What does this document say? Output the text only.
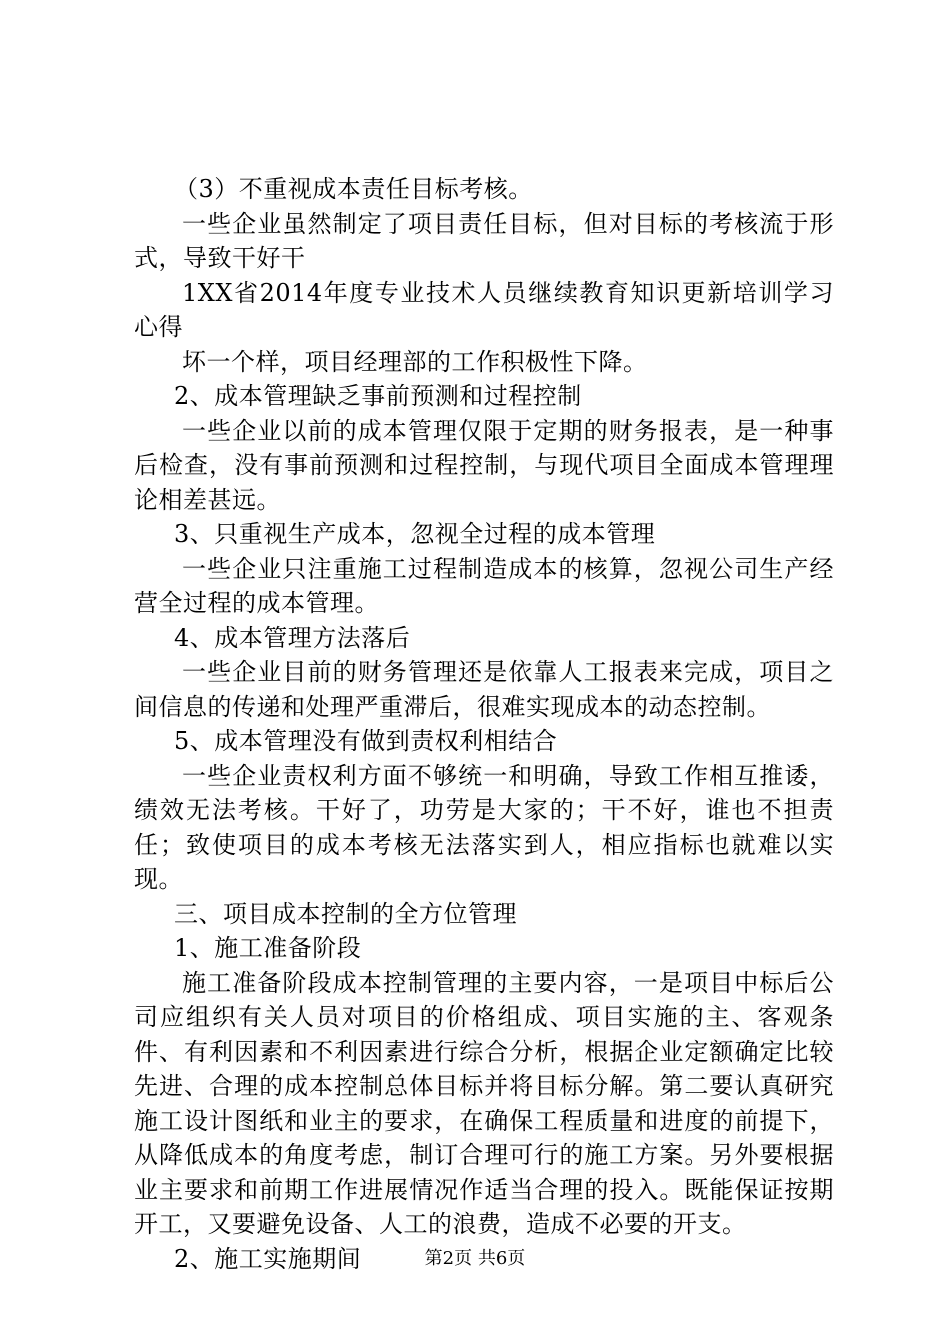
（3）不重视成本责任目标考核。

一些企业虽然制定了项目责任目标，但对目标的考核流于形式，导致干好干

1XX省2014年度专业技术人员继续教育知识更新培训学习心得

坏一个样，项目经理部的工作积极性下降。

2、成本管理缺乏事前预测和过程控制

一些企业以前的成本管理仅限于定期的财务报表，是一种事后检查，没有事前预测和过程控制，与现代项目全面成本管理理论相差甚远。

3、只重视生产成本，忽视全过程的成本管理

一些企业只注重施工过程制造成本的核算，忽视公司生产经营全过程的成本管理。

4、成本管理方法落后

一些企业目前的财务管理还是依靠人工报表来完成，项目之间信息的传递和处理严重滞后，很难实现成本的动态控制。

5、成本管理没有做到责权利相结合

一些企业责权利方面不够统一和明确，导致工作相互推诿，绩效无法考核。干好了，功劳是大家的；干不好，谁也不担责任；致使项目的成本考核无法落实到人，相应指标也就难以实现。

三、项目成本控制的全方位管理

1、施工准备阶段

施工准备阶段成本控制管理的主要内容，一是项目中标后公司应组织有关人员对项目的价格组成、项目实施的主、客观条件、有利因素和不利因素进行综合分析，根据企业定额确定比较先进、合理的成本控制总体目标并将目标分解。第二要认真研究施工设计图纸和业主的要求，在确保工程质量和进度的前提下，从降低成本的角度考虑，制订合理可行的施工方案。另外要根据业主要求和前期工作进展情况作适当合理的投入。既能保证按期开工，又要避免设备、人工的浪费，造成不必要的开支。

2、施工实施期间	第2页 共6页
